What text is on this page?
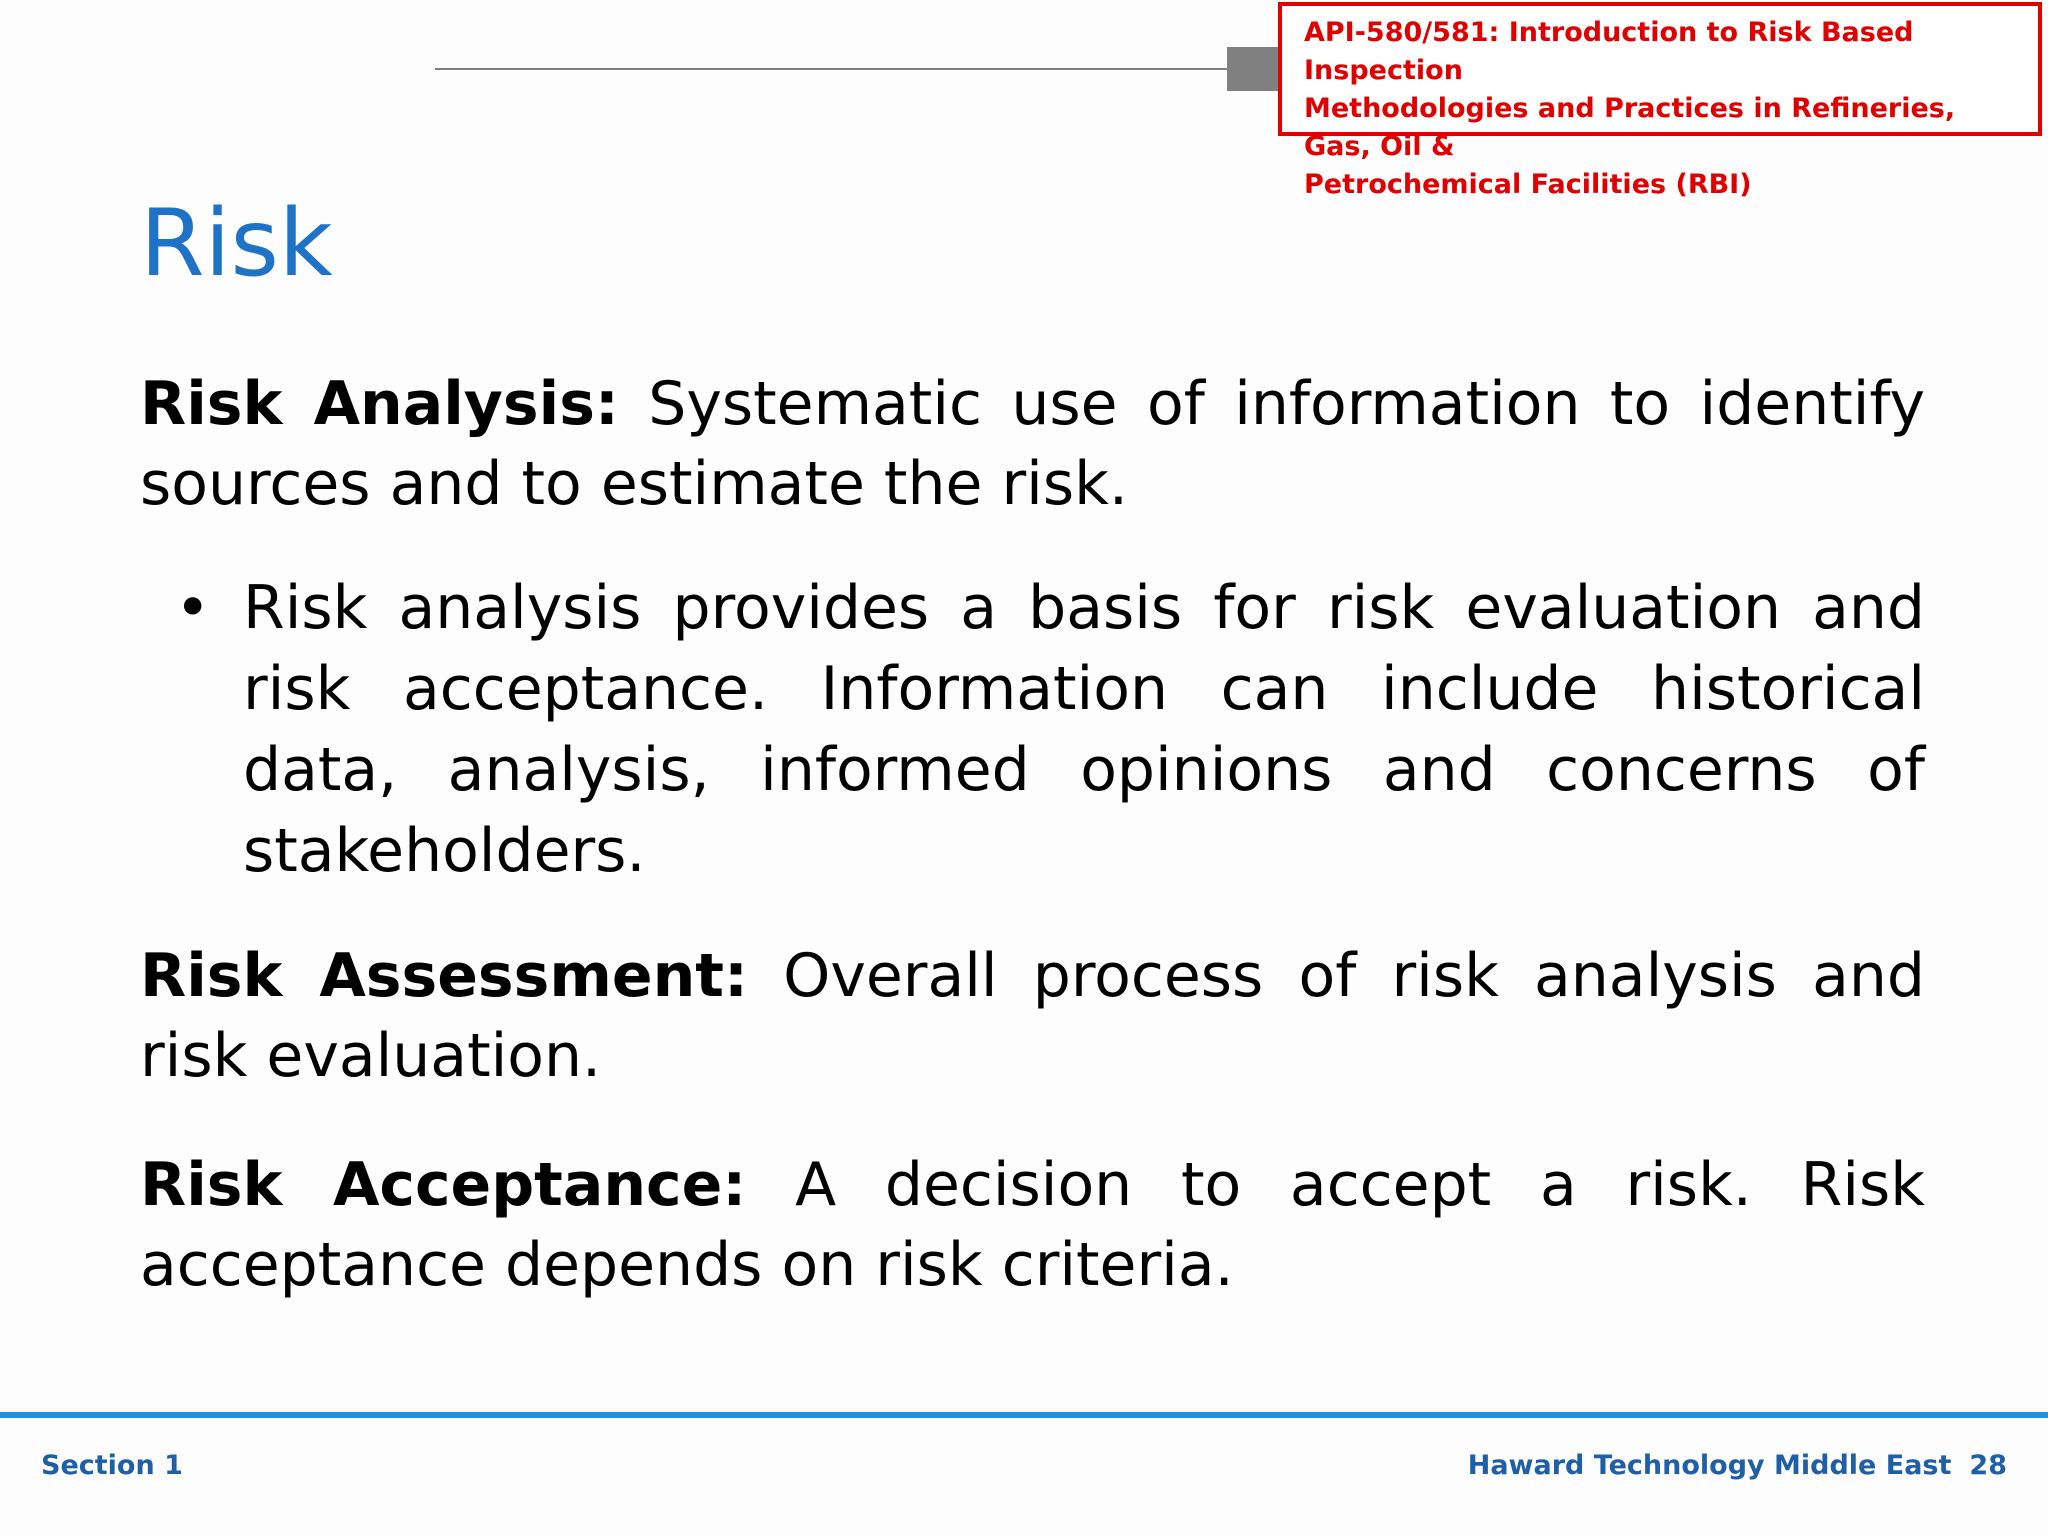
API-580/581: Introduction to Risk Based Inspection
Methodologies and Practices in Refineries, Gas, Oil &
Petrochemical Facilities (RBI)
Risk

Risk Analysis: Systematic use of information to identify sources and to estimate the risk.

• Risk analysis provides a basis for risk evaluation and risk acceptance. Information can include historical data, analysis, informed opinions and concerns of stakeholders.

Risk Assessment: Overall process of risk analysis and risk evaluation.

Risk Acceptance: A decision to accept a risk. Risk acceptance depends on risk criteria.

Section 1	Haward Technology Middle East 28
